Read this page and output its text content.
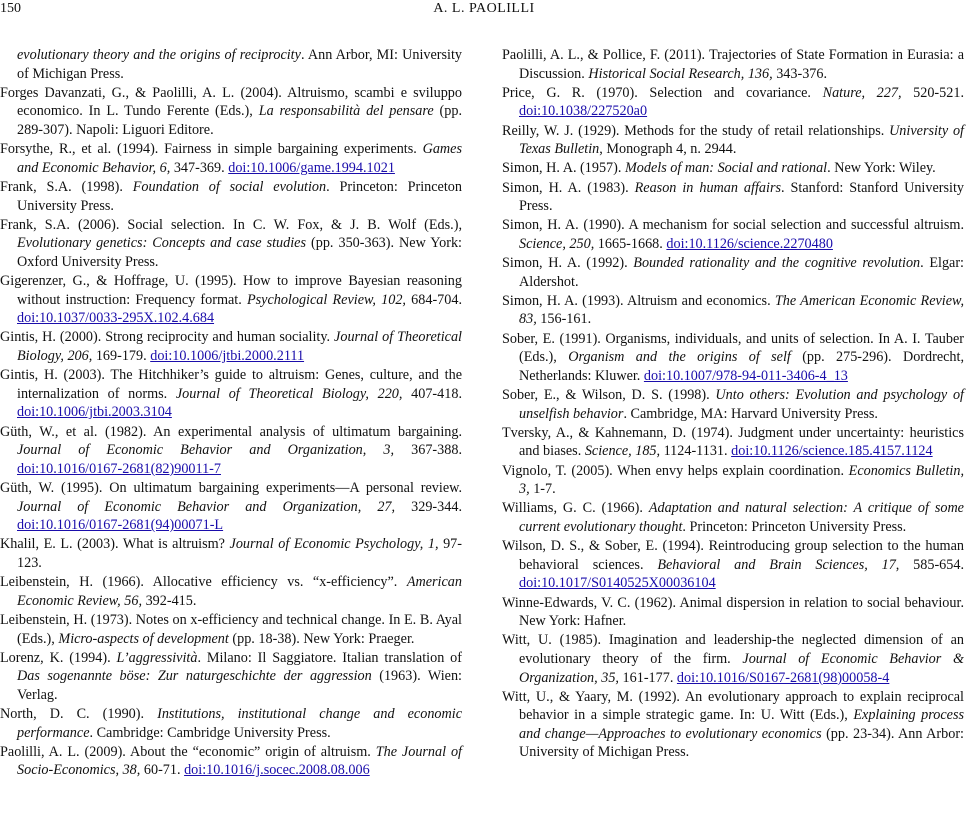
150	A. L. PAOLILLI

evolutionary theory and the origins of reciprocity. Ann Arbor, MI: University of Michigan Press.

Forges Davanzati, G., & Paolilli, A. L. (2004). Altruismo, scambi e sviluppo economico. In L. Tundo Ferente (Eds.), La responsabilità del pensare (pp. 289-307). Napoli: Liguori Editore.

Forsythe, R., et al. (1994). Fairness in simple bargaining experiments. Games and Economic Behavior, 6, 347-369. doi:10.1006/game.1994.1021

Frank, S.A. (1998). Foundation of social evolution. Princeton: Princeton University Press.

Frank, S.A. (2006). Social selection. In C. W. Fox, & J. B. Wolf (Eds.), Evolutionary genetics: Concepts and case studies (pp. 350-363). New York: Oxford University Press.

Gigerenzer, G., & Hoffrage, U. (1995). How to improve Bayesian reasoning without instruction: Frequency format. Psychological Review, 102, 684-704. doi:10.1037/0033-295X.102.4.684

Gintis, H. (2000). Strong reciprocity and human sociality. Journal of Theoretical Biology, 206, 169-179. doi:10.1006/jtbi.2000.2111

Gintis, H. (2003). The Hitchhiker’s guide to altruism: Genes, culture, and the internalization of norms. Journal of Theoretical Biology, 220, 407-418. doi:10.1006/jtbi.2003.3104

Güth, W., et al. (1982). An experimental analysis of ultimatum bargaining. Journal of Economic Behavior and Organization, 3, 367-388. doi:10.1016/0167-2681(82)90011-7

Güth, W. (1995). On ultimatum bargaining experiments—A personal review. Journal of Economic Behavior and Organization, 27, 329-344. doi:10.1016/0167-2681(94)00071-L

Khalil, E. L. (2003). What is altruism? Journal of Economic Psychology, 1, 97-123.

Leibenstein, H. (1966). Allocative efficiency vs. “x-efficiency”. American Economic Review, 56, 392-415.

Leibenstein, H. (1973). Notes on x-efficiency and technical change. In E. B. Ayal (Eds.), Micro-aspects of development (pp. 18-38). New York: Praeger.

Lorenz, K. (1994). L’aggressività. Milano: Il Saggiatore. Italian translation of Das sogenannte böse: Zur naturgeschichte der aggression (1963). Wien: Verlag.

North, D. C. (1990). Institutions, institutional change and economic performance. Cambridge: Cambridge University Press.

Paolilli, A. L. (2009). About the “economic” origin of altruism. The Journal of Socio-Economics, 38, 60-71. doi:10.1016/j.socec.2008.08.006

Paolilli, A. L., & Pollice, F. (2011). Trajectories of State Formation in Eurasia: a Discussion. Historical Social Research, 136, 343-376.

Price, G. R. (1970). Selection and covariance. Nature, 227, 520-521. doi:10.1038/227520a0

Reilly, W. J. (1929). Methods for the study of retail relationships. University of Texas Bulletin, Monograph 4, n. 2944.

Simon, H. A. (1957). Models of man: Social and rational. New York: Wiley.

Simon, H. A. (1983). Reason in human affairs. Stanford: Stanford University Press.

Simon, H. A. (1990). A mechanism for social selection and successful altruism. Science, 250, 1665-1668. doi:10.1126/science.2270480

Simon, H. A. (1992). Bounded rationality and the cognitive revolution. Elgar: Aldershot.

Simon, H. A. (1993). Altruism and economics. The American Economic Review, 83, 156-161.

Sober, E. (1991). Organisms, individuals, and units of selection. In A. I. Tauber (Eds.), Organism and the origins of self (pp. 275-296). Dordrecht, Netherlands: Kluwer. doi:10.1007/978-94-011-3406-4_13

Sober, E., & Wilson, D. S. (1998). Unto others: Evolution and psychology of unselfish behavior. Cambridge, MA: Harvard University Press.

Tversky, A., & Kahnemann, D. (1974). Judgment under uncertainty: heuristics and biases. Science, 185, 1124-1131. doi:10.1126/science.185.4157.1124

Vignolo, T. (2005). When envy helps explain coordination. Economics Bulletin, 3, 1-7.

Williams, G. C. (1966). Adaptation and natural selection: A critique of some current evolutionary thought. Princeton: Princeton University Press.

Wilson, D. S., & Sober, E. (1994). Reintroducing group selection to the human behavioral sciences. Behavioral and Brain Sciences, 17, 585-654. doi:10.1017/S0140525X00036104

Winne-Edwards, V. C. (1962). Animal dispersion in relation to social behaviour. New York: Hafner.

Witt, U. (1985). Imagination and leadership-the neglected dimension of an evolutionary theory of the firm. Journal of Economic Behavior & Organization, 35, 161-177. doi:10.1016/S0167-2681(98)00058-4

Witt, U., & Yaary, M. (1992). An evolutionary approach to explain reciprocal behavior in a simple strategic game. In: U. Witt (Eds.), Explaining process and change—Approaches to evolutionary economics (pp. 23-34). Ann Arbor: University of Michigan Press.
